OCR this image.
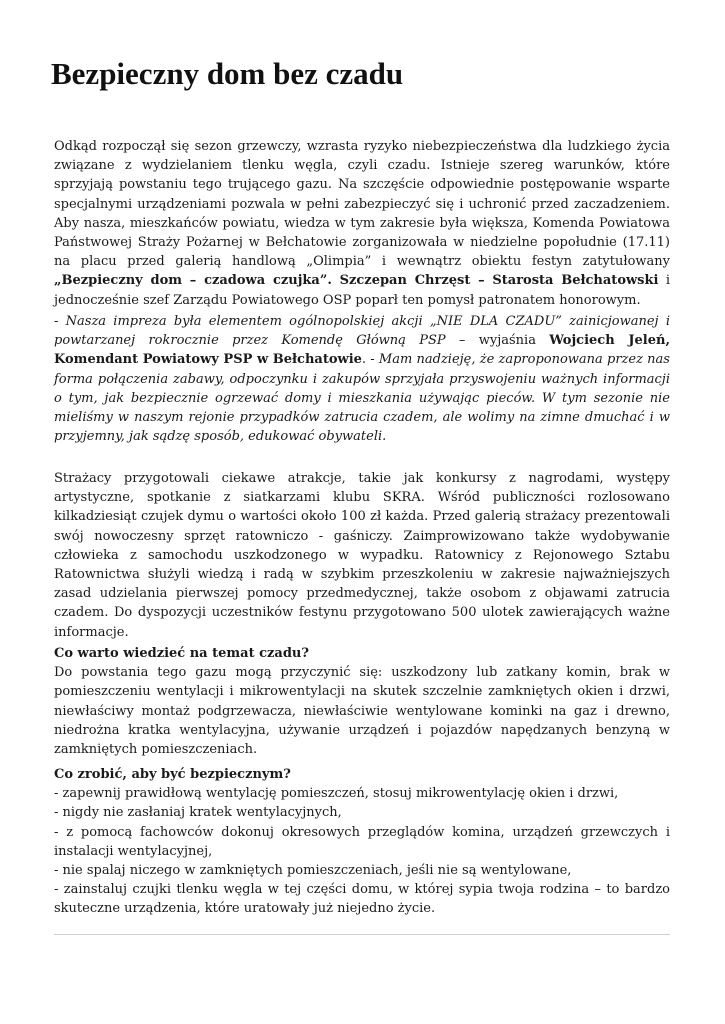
Bezpieczny dom bez czadu

Odkąd rozpoczął się sezon grzewczy, wzrasta ryzyko niebezpieczeństwa dla ludzkiego życia związane z wydzielaniem tlenku węgla, czyli czadu. Istnieje szereg warunków, które sprzyjają powstaniu tego trującego gazu. Na szczęście odpowiednie postępowanie wsparte specjalnymi urządzeniami pozwala w pełni zabezpieczyć się i uchronić przed zaczadzeniem. Aby nasza, mieszkańców powiatu, wiedza w tym zakresie była większa, Komenda Powiatowa Państwowej Straży Pożarnej w Bełchatowie zorganizowała w niedzielne popołudnie (17.11) na placu przed galerią handlową „Olimpia” i wewnątrz obiektu festyn zatytułowany „Bezpieczny dom – czadowa czujka”. Szczepan Chrzęst – Starosta Bełchatowski i jednocześnie szef Zarządu Powiatowego OSP poparł ten pomysł patronatem honorowym.

- Nasza impreza była elementem ogólnopolskiej akcji „NIE DLA CZADU” zainicjowanej i powtarzanej rokrocznie przez Komendę Główną PSP – wyjaśnia Wojciech Jeleń, Komendant Powiatowy PSP w Bełchatowie. - Mam nadzieję, że zaproponowana przez nas forma połączenia zabawy, odpoczynku i zakupów sprzyjała przyswojeniu ważnych informacji o tym, jak bezpiecznie ogrzewać domy i mieszkania używając pieców. W tym sezonie nie mieliśmy w naszym rejonie przypadków zatrucia czadem, ale wolimy na zimne dmuchać i w przyjemny, jak sądzę sposób, edukować obywateli.

Strażacy przygotowali ciekawe atrakcje, takie jak konkursy z nagrodami, występy artystyczne, spotkanie z siatkarzami klubu SKRA. Wśród publiczności rozlosowano kilkadziesiąt czujek dymu o wartości około 100 zł każda. Przed galerią strażacy prezentowali swój nowoczesny sprzęt ratowniczo - gaśniczy. Zaimprowizowano także wydobywanie człowieka z samochodu uszkodzonego w wypadku. Ratownicy z Rejonowego Sztabu Ratownictwa służyli wiedzą i radą w szybkim przeszkoleniu w zakresie najważniejszych zasad udzielania pierwszej pomocy przedmedycznej, także osobom z objawami zatrucia czadem. Do dyspozycji uczestników festynu przygotowano 500 ulotek zawierających ważne informacje.

Co warto wiedzieć na temat czadu?
Do powstania tego gazu mogą przyczynić się: uszkodzony lub zatkany komin, brak w pomieszczeniu wentylacji i mikrowentylacji na skutek szczelnie zamkniętych okien i drzwi, niewłaściwy montaż podgrzewacza, niewłaściwie wentylowane kominki na gaz i drewno, niedrożna kratka wentylacyjna, używanie urządzeń i pojazdów napędzanych benzyną w zamkniętych pomieszczeniach.
Co zrobić, aby być bezpiecznym?
- zapewnij prawidłową wentylację pomieszczeń, stosuj mikrowentylację okien i drzwi,
- nigdy nie zasłaniaj kratek wentylacyjnych,
- z pomocą fachowców dokonuj okresowych przeglądów komina, urządzeń grzewczych i instalacji wentylacyjnej,
- nie spalaj niczego w zamkniętych pomieszczeniach, jeśli nie są wentylowane,
- zainstaluj czujki tlenku węgla w tej części domu, w której sypia twoja rodzina – to bardzo skuteczne urządzenia, które uratowały już niejedno życie.
